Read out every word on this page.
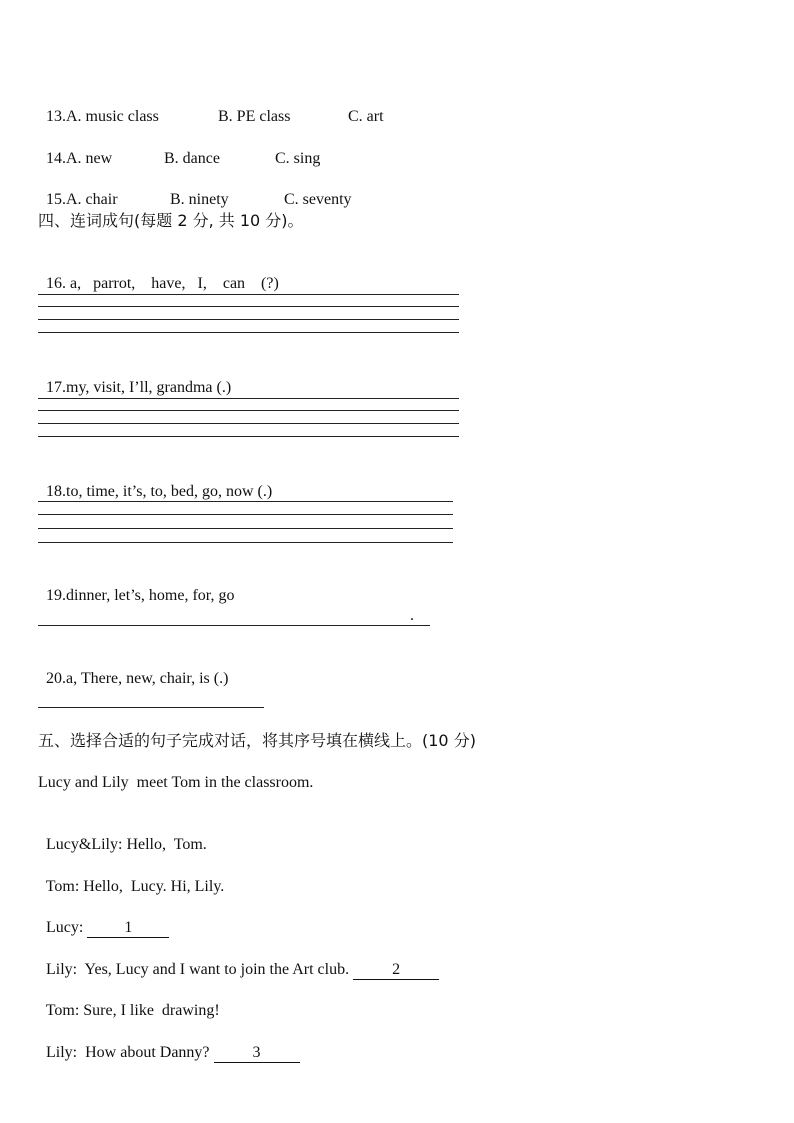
13.A. music class	B. PE class	C. art

14.A. new	B. dance	C. sing

15.A. chair	B. ninety	C. seventy

四、连词成句(每题 2 分, 共 10 分)。

16. a,   parrot,    have,   I,    can    (?)

17.my, visit, I’ll, grandma (.)

18.to, time, it’s, to, bed, go, now (.)

19.dinner, let’s, home, for, go

.

20.a, There, new, chair, is (.)

五、选择合适的句子完成对话，将其序号填在横线上。(10 分)
Lucy and Lily  meet Tom in the classroom.

Lucy&Lily: Hello,  Tom.

Tom: Hello,  Lucy. Hi, Lily.

Lucy:	1

Lily:  Yes, Lucy and I want to join the Art club. 2

Tom: Sure, I like  drawing!

Lily:  How about Danny? 3
